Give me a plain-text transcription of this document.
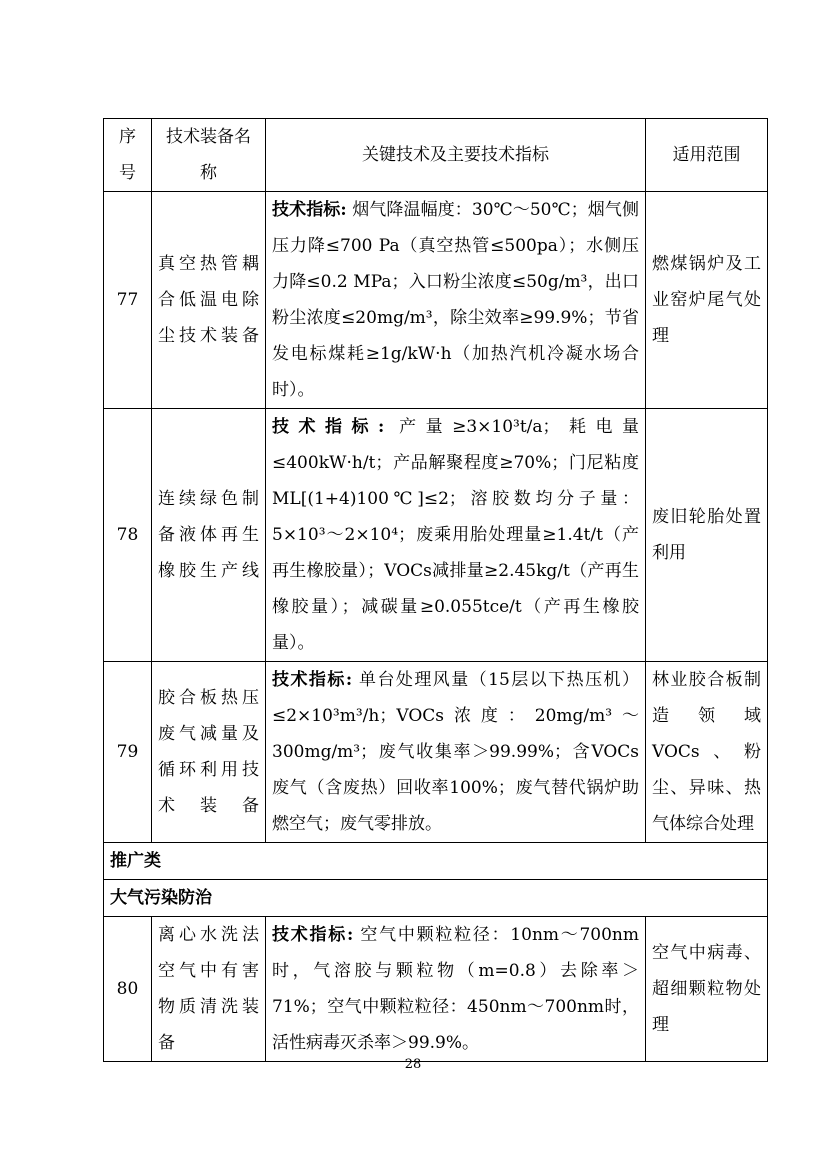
序号	技术装备名称	关键技术及主要技术指标	适用范围
77	真空热管耦合低温电除尘技术装备	技术指标: 烟气降温幅度：30℃～50℃；烟气侧压力降≤700 Pa（真空热管≤500pa）；水侧压力降≤0.2 MPa；入口粉尘浓度≤50g/m³，出口粉尘浓度≤20mg/m³，除尘效率≥99.9%；节省发电标煤耗≥1g/kW·h（加热汽机冷凝水场合时）。	燃煤锅炉及工业窑炉尾气处理
78	连续绿色制备液体再生橡胶生产线	技术指标: 产量≥3×10³t/a；耗电量≤400kW·h/t；产品解聚程度≥70%；门尼粘度ML[(1+4)100℃]≤2；溶胶数均分子量：5×10³～2×10⁴；废乘用胎处理量≥1.4t/t（产再生橡胶量）；VOCs减排量≥2.45kg/t（产再生橡胶量）；减碳量≥0.055tce/t（产再生橡胶量）。	废旧轮胎处置利用
79	胶合板热压废气减量及循环利用技术装备	技术指标: 单台处理风量（15层以下热压机）≤2×10³m³/h；VOCs浓度：20mg/m³～300mg/m³；废气收集率＞99.99%；含VOCs废气（含废热）回收率100%；废气替代锅炉助燃空气；废气零排放。	林业胶合板制造领域VOCs、粉尘、异味、热气体综合处理
推广类			
大气污染防治			
80	离心水洗法空气中有害物质清洗装备	技术指标: 空气中颗粒粒径：10nm～700nm时，气溶胶与颗粒物（m=0.8）去除率＞71%；空气中颗粒粒径：450nm～700nm时，活性病毒灭杀率＞99.9%。	空气中病毒、超细颗粒物处理
28
